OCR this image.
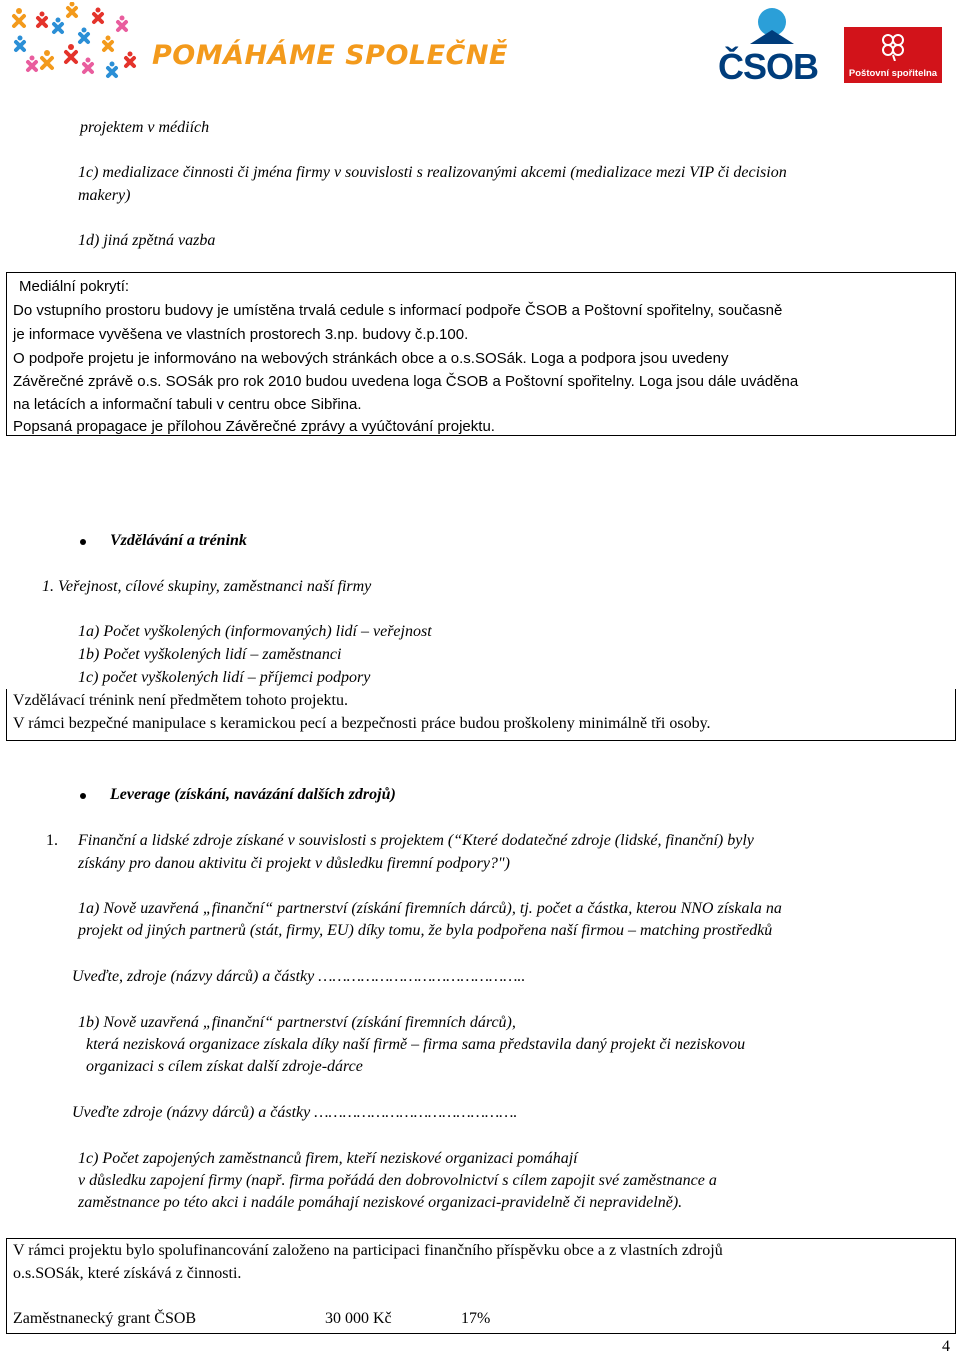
POMÁHÁME SPOLEČNĚ	ČSOB	Poštovní spořitelna
projektem v médiích
1c) medializace činnosti či jména firmy v souvislosti s realizovanými akcemi (medializace mezi VIP či decision
makery)
1d) jiná zpětná vazba
Mediální pokrytí:
Do vstupního prostoru budovy je umístěna trvalá cedule s informací podpoře ČSOB a Poštovní spořitelny, současně
je informace vyvěšena ve vlastních prostorech 3.np. budovy č.p.100.
O podpoře projetu je informováno na webových stránkách obce a o.s.SOSák. Loga a podpora jsou uvedeny
Závěrečné zprávě o.s. SOSák pro rok 2010 budou uvedena loga ČSOB a Poštovní spořitelny. Loga jsou dále uváděna
na letácích a informační tabuli v centru obce Sibřina.
Popsaná propagace je přílohou Závěrečné zprávy a vyúčtování projektu.
Vzdělávání a trénink
1. Veřejnost, cílové skupiny, zaměstnanci naší firmy
1a) Počet vyškolených (informovaných) lidí – veřejnost
1b) Počet vyškolených lidí – zaměstnanci
1c) počet vyškolených lidí – příjemci podpory
Vzdělávací trénink není předmětem tohoto projektu.
V rámci bezpečné manipulace s keramickou pecí a bezpečnosti práce budou proškoleny minimálně tři osoby.
Leverage (získání, navázání dalších zdrojů)
1. Finanční a lidské zdroje získané v souvislosti s projektem (“Které dodatečné zdroje (lidské, finanční) byly
získány pro danou aktivitu či projekt v důsledku firemní podpory?")
1a) Nově uzavřená „finanční“ partnerství (získání firemních dárců), tj. počet a částka, kterou NNO získala na
projekt od jiných partnerů (stát, firmy, EU) díky tomu, že byla podpořena naší firmou – matching prostředků
Uveďte, zdroje (názvy dárců) a částky ……………………………………..
1b) Nově uzavřená „finanční“ partnerství (získání firemních dárců),
která nezisková organizace získala díky naší firmě – firma sama představila daný projekt či neziskovou
organizaci s cílem získat další zdroje-dárce
Uveďte zdroje (názvy dárců) a částky …………………………………….
1c) Počet zapojených zaměstnanců firem, kteří neziskové organizaci pomáhají
v důsledku zapojení firmy (např. firma pořádá den dobrovolnictví s cílem zapojit své zaměstnance a
zaměstnance po této akci i nadále pomáhají neziskové organizaci-pravidelně či nepravidelně).
V rámci projektu bylo spolufinancování založeno na participaci finančního příspěvku obce a z vlastních zdrojů
o.s.SOSák, které získává z činnosti.
Zaměstnanecký grant ČSOB	30 000 Kč	17%
4
